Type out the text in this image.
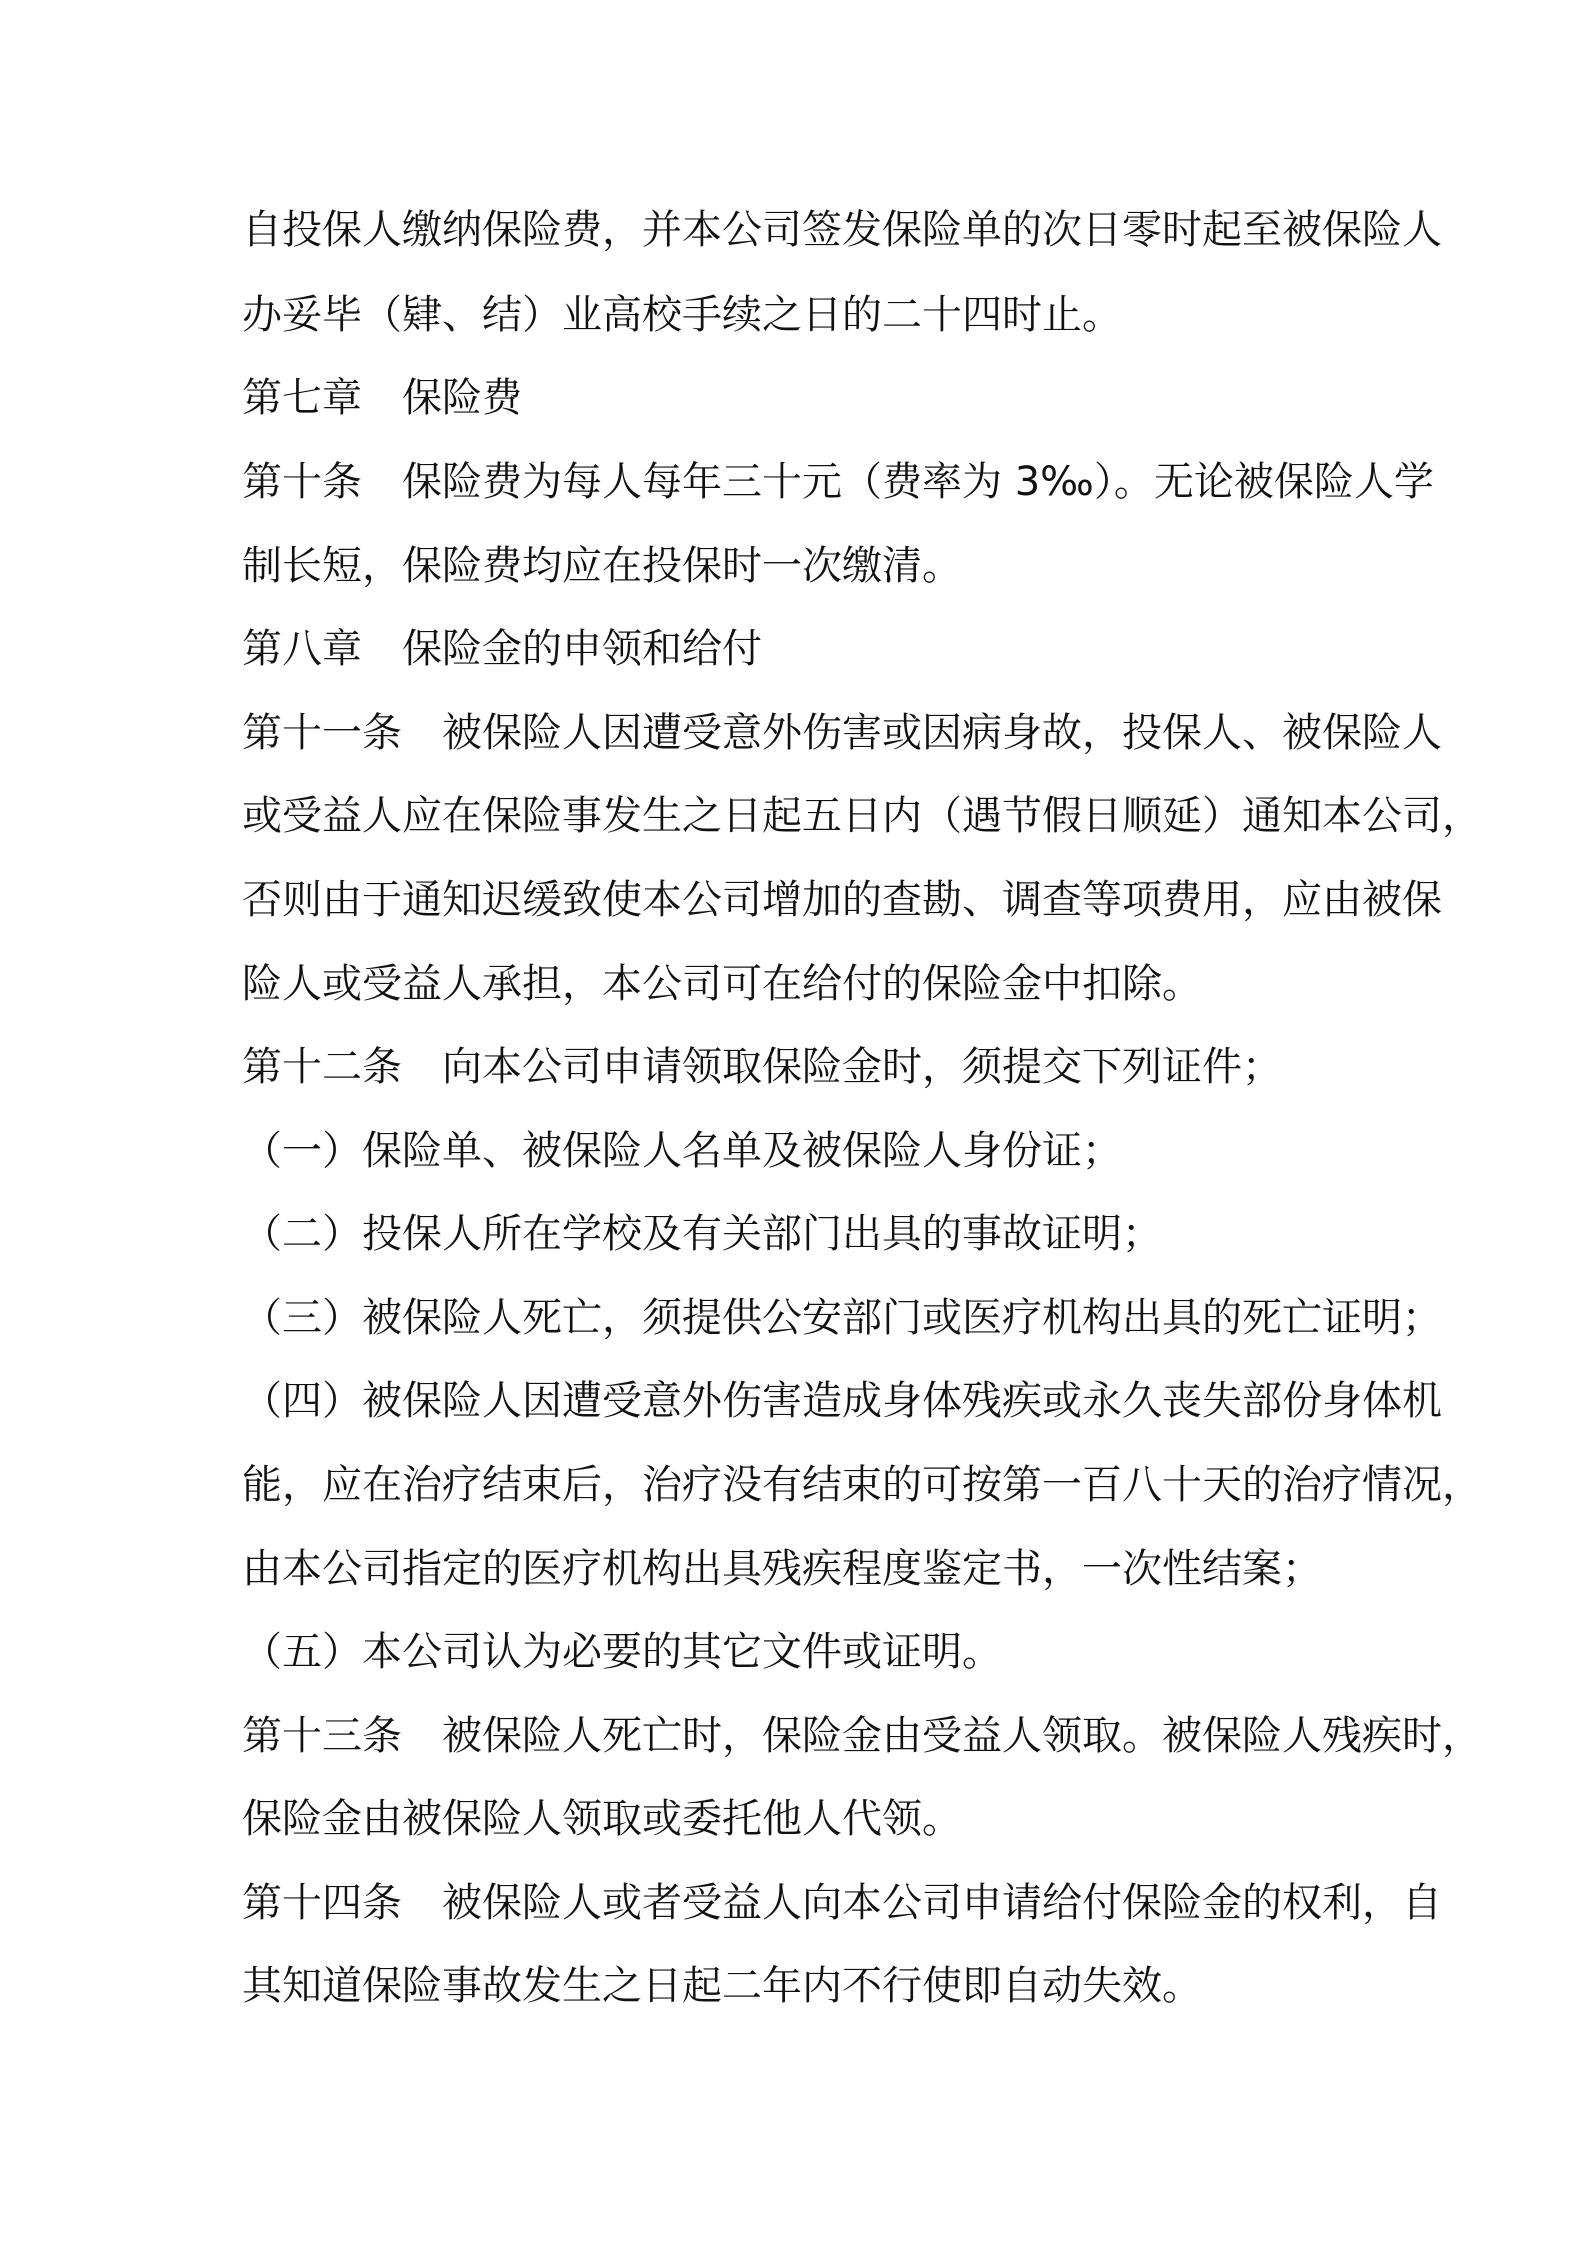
自投保人缴纳保险费，并本公司签发保险单的次日零时起至被保险人

办妥毕（肄、结）业高校手续之日的二十四时止。

第七章　保险费

第十条　保险费为每人每年三十元（费率为 3‰）。无论被保险人学

制长短，保险费均应在投保时一次缴清。

第八章　保险金的申领和给付

第十一条　被保险人因遭受意外伤害或因病身故，投保人、被保险人

或受益人应在保险事发生之日起五日内（遇节假日顺延）通知本公司，

否则由于通知迟缓致使本公司增加的查勘、调查等项费用，应由被保

险人或受益人承担，本公司可在给付的保险金中扣除。

第十二条　向本公司申请领取保险金时，须提交下列证件；

（一）保险单、被保险人名单及被保险人身份证；

（二）投保人所在学校及有关部门出具的事故证明；

（三）被保险人死亡，须提供公安部门或医疗机构出具的死亡证明；

（四）被保险人因遭受意外伤害造成身体残疾或永久丧失部份身体机

能，应在治疗结束后，治疗没有结束的可按第一百八十天的治疗情况，

由本公司指定的医疗机构出具残疾程度鉴定书，一次性结案；

（五）本公司认为必要的其它文件或证明。

第十三条　被保险人死亡时，保险金由受益人领取。被保险人残疾时，

保险金由被保险人领取或委托他人代领。

第十四条　被保险人或者受益人向本公司申请给付保险金的权利，自

其知道保险事故发生之日起二年内不行使即自动失效。
